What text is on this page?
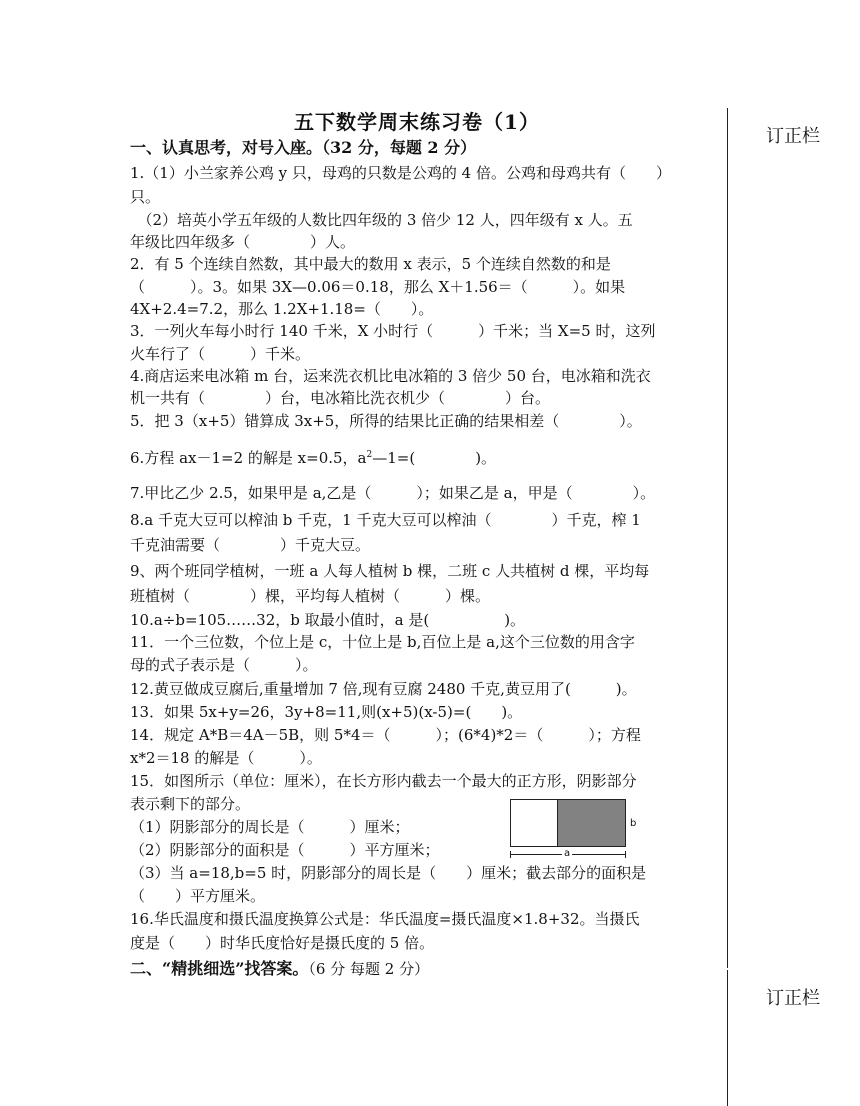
五下数学周末练习卷（1）
订正栏
订正栏
一、认真思考，对号入座。（32 分，每题 2 分）
1.（1）小兰家养公鸡 y 只，母鸡的只数是公鸡的 4 倍。公鸡和母鸡共有（　　）
只。
　（2）培英小学五年级的人数比四年级的 3 倍少 12 人，四年级有 x 人。五
年级比四年级多（　　　　）人。
2．有 5 个连续自然数，其中最大的数用 x 表示，5 个连续自然数的和是
（　　　）。3。如果 3X—0.06＝0.18，那么 X＋1.56＝（　　　）。如果
4X+2.4=7.2，那么 1.2X+1.18=（　　）。
3．一列火车每小时行 140 千米，X 小时行（　　　）千米；当 X=5 时，这列
火车行了（　　　）千米。
4.商店运来电冰箱 m 台，运来洗衣机比电冰箱的 3 倍少 50 台，电冰箱和洗衣
机一共有（　　　　）台，电冰箱比洗衣机少（　　　　）台。
5．把 3（x+5）错算成 3x+5，所得的结果比正确的结果相差（　　　　）。
6.方程 ax－1=2 的解是 x=0.5，$a^2—1=$(　　　　)。
7.甲比乙少 2.5，如果甲是 a,乙是（　　　）；如果乙是 a，甲是（　　　　）。
8.a 千克大豆可以榨油 b 千克，1 千克大豆可以榨油（　　　　）千克，榨 1
千克油需要（　　　　）千克大豆。
9、两个班同学植树，一班 a 人每人植树 b 棵，二班 c 人共植树 d 棵，平均每
班植树（　　　　）棵，平均每人植树（　　　）棵。
10.a÷b=105……32，b 取最小值时，a 是(　　　　　)。
11．一个三位数，个位上是 c，十位上是 b,百位上是 a,这个三位数的用含字
母的式子表示是（　　　）。
12.黄豆做成豆腐后,重量增加 7 倍,现有豆腐 2480 千克,黄豆用了(　　　)。
13．如果 5x+y=26，3y+8=11,则(x+5)(x-5)=(　　)。
14．规定 A*B＝4A－5B，则 5*4＝（　　　）；(6*4)*2＝（　　　）；方程
x*2＝18 的解是（　　　）。
15．如图所示（单位：厘米），在长方形内截去一个最大的正方形，阴影部分
表示剩下的部分。
（1）阴影部分的周长是（　　　）厘米；
（2）阴影部分的面积是（　　　）平方厘米；
（3）当 a=18,b=5 时，阴影部分的周长是（　　）厘米；截去部分的面积是
（　　）平方厘米。
b
a
16.华氏温度和摄氏温度换算公式是：华氏温度=摄氏温度×1.8+32。当摄氏
度是（　　）时华氏度恰好是摄氏度的 5 倍。
二、“精挑细选”找答案。（6 分 每题 2 分）
